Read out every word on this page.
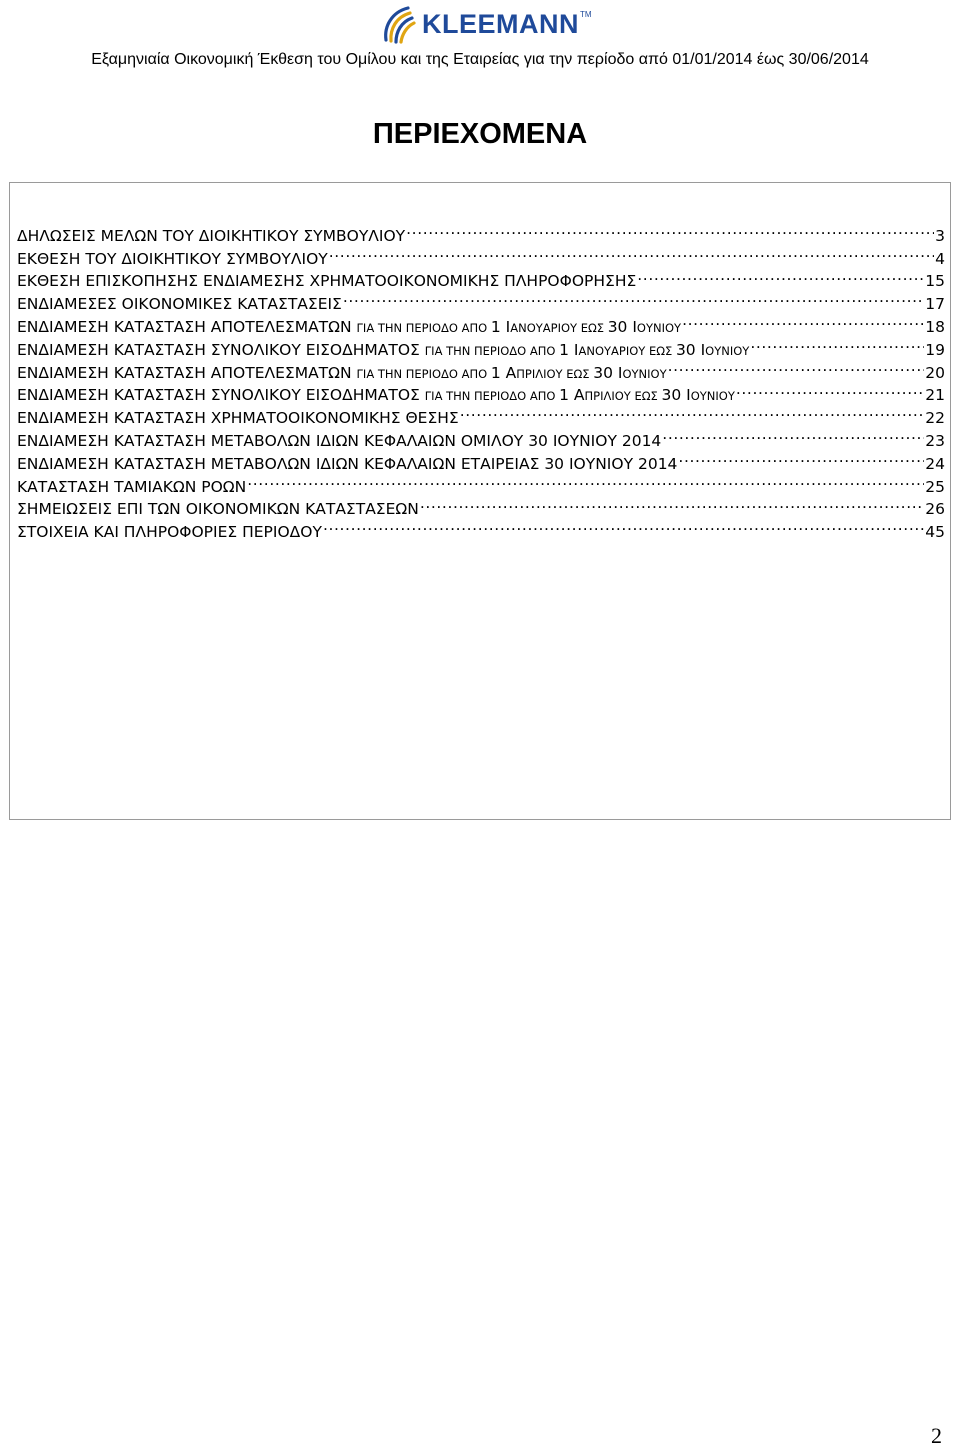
KLEEMANN TM
Εξαμηνιαία Οικονομική Έκθεση του Ομίλου και της Εταιρείας για την περίοδο από 01/01/2014 έως 30/06/2014
ΠΕΡΙΕΧΟΜΕΝΑ
ΔΗΛΩΣΕΙΣ ΜΕΛΩΝ ΤΟΥ ΔΙΟΙΚΗΤΙΚΟΥ ΣΥΜΒΟΥΛΙΟΥ .....	3
ΕΚΘΕΣΗ ΤΟΥ ΔΙΟΙΚΗΤΙΚΟΥ ΣΥΜΒΟΥΛΙΟΥ .....	4
ΕΚΘΕΣΗ ΕΠΙΣΚΟΠΗΣΗΣ ΕΝΔΙΑΜΕΣΗΣ ΧΡΗΜΑΤΟΟΙΚΟΝΟΜΙΚΗΣ ΠΛΗΡΟΦΟΡΗΣΗΣ .....	15
ΕΝΔΙΑΜΕΣΕΣ ΟΙΚΟΝΟΜΙΚΕΣ ΚΑΤΑΣΤΑΣΕΙΣ .....	17
ΕΝΔΙΑΜΕΣΗ ΚΑΤΑΣΤΑΣΗ ΑΠΟΤΕΛΕΣΜΑΤΩΝ ΓΙΑ ΤΗΝ ΠΕΡΙΟΔΟ ΑΠΟ 1 ΙΑΝΟΥΑΡΙΟΥ ΕΩΣ 30 ΙΟΥΝΙΟΥ .....	18
ΕΝΔΙΑΜΕΣΗ ΚΑΤΑΣΤΑΣΗ ΣΥΝΟΛΙΚΟΥ ΕΙΣΟΔΗΜΑΤΟΣ ΓΙΑ ΤΗΝ ΠΕΡΙΟΔΟ ΑΠΟ 1 ΙΑΝΟΥΑΡΙΟΥ ΕΩΣ 30 ΙΟΥΝΙΟΥ .....	19
ΕΝΔΙΑΜΕΣΗ ΚΑΤΑΣΤΑΣΗ ΑΠΟΤΕΛΕΣΜΑΤΩΝ ΓΙΑ ΤΗΝ ΠΕΡΙΟΔΟ ΑΠΟ 1 ΑΠΡΙΛΙΟΥ ΕΩΣ 30 ΙΟΥΝΙΟΥ .....	20
ΕΝΔΙΑΜΕΣΗ ΚΑΤΑΣΤΑΣΗ ΣΥΝΟΛΙΚΟΥ ΕΙΣΟΔΗΜΑΤΟΣ ΓΙΑ ΤΗΝ ΠΕΡΙΟΔΟ ΑΠΟ 1 ΑΠΡΙΛΙΟΥ ΕΩΣ 30 ΙΟΥΝΙΟΥ .....	21
ΕΝΔΙΑΜΕΣΗ ΚΑΤΑΣΤΑΣΗ ΧΡΗΜΑΤΟΟΙΚΟΝΟΜΙΚΗΣ ΘΕΣΗΣ .....	22
ΕΝΔΙΑΜΕΣΗ ΚΑΤΑΣΤΑΣΗ ΜΕΤΑΒΟΛΩΝ ΙΔΙΩΝ ΚΕΦΑΛΑΙΩΝ ΟΜΙΛΟΥ 30 ΙΟΥΝΙΟΥ 2014 .....	23
ΕΝΔΙΑΜΕΣΗ ΚΑΤΑΣΤΑΣΗ ΜΕΤΑΒΟΛΩΝ ΙΔΙΩΝ ΚΕΦΑΛΑΙΩΝ ΕΤΑΙΡΕΙΑΣ 30 ΙΟΥΝΙΟΥ 2014 .....	24
ΚΑΤΑΣΤΑΣΗ ΤΑΜΙΑΚΩΝ ΡΟΩΝ .....	25
ΣΗΜΕΙΩΣΕΙΣ ΕΠΙ ΤΩΝ ΟΙΚΟΝΟΜΙΚΩΝ ΚΑΤΑΣΤΑΣΕΩΝ .....	26
ΣΤΟΙΧΕΙΑ ΚΑΙ ΠΛΗΡΟΦΟΡΙΕΣ ΠΕΡΙΟΔΟΥ .....	45
2
